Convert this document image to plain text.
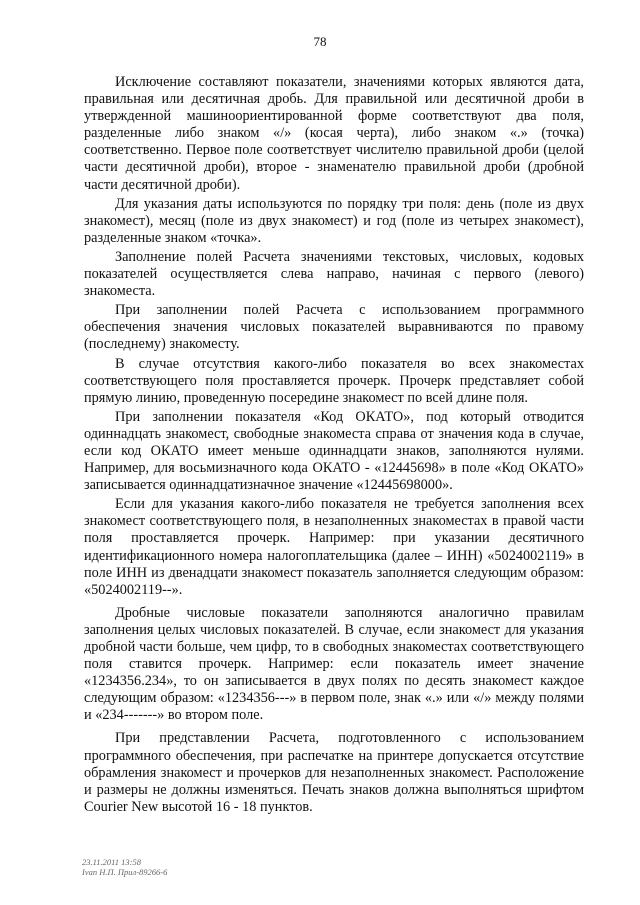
78

Исключение составляют показатели, значениями которых являются дата, правильная или десятичная дробь. Для правильной или десятичной дроби в утвержденной машиноориентированной форме соответствуют два поля, разделенные либо знаком «/» (косая черта), либо знаком «.» (точка) соответственно. Первое поле соответствует числителю правильной дроби (целой части десятичной дроби), второе - знаменателю правильной дроби (дробной части десятичной дроби).

Для указания даты используются по порядку три поля: день (поле из двух знакомест), месяц (поле из двух знакомест) и год (поле из четырех знакомест), разделенные знаком «точка».

Заполнение полей Расчета значениями текстовых, числовых, кодовых показателей осуществляется слева направо, начиная с первого (левого) знакоместа.

При заполнении полей Расчета с использованием программного обеспечения значения числовых показателей выравниваются по правому (последнему) знакоместу.

В случае отсутствия какого-либо показателя во всех знакоместах соответствующего поля проставляется прочерк. Прочерк представляет собой прямую линию, проведенную посередине знакомест по всей длине поля.

При заполнении показателя «Код ОКАТО», под который отводится одиннадцать знакомест, свободные знакоместа справа от значения кода в случае, если код ОКАТО имеет меньше одиннадцати знаков, заполняются нулями. Например, для восьмизначного кода ОКАТО - «12445698» в поле «Код ОКАТО» записывается одиннадцатизначное значение «12445698000».

Если для указания какого-либо показателя не требуется заполнения всех знакомест соответствующего поля, в незаполненных знакоместах в правой части поля проставляется прочерк. Например: при указании десятичного идентификационного номера налогоплательщика (далее – ИНН) «5024002119» в поле ИНН из двенадцати знакомест показатель заполняется следующим образом: «5024002119--».

Дробные числовые показатели заполняются аналогично правилам заполнения целых числовых показателей. В случае, если знакомест для указания дробной части больше, чем цифр, то в свободных знакоместах соответствующего поля ставится прочерк. Например: если показатель имеет значение «1234356.234», то он записывается в двух полях по десять знакомест каждое следующим образом: «1234356---» в первом поле, знак «.» или «/» между полями и «234-------» во втором поле.

При представлении Расчета, подготовленного с использованием программного обеспечения, при распечатке на принтере допускается отсутствие обрамления знакомест и прочерков для незаполненных знакомест. Расположение и размеры не должны изменяться. Печать знаков должна выполняться шрифтом Courier New высотой 16 - 18 пунктов.

23.11.2011 13:58
Ivan Н.П. Прил-89266-6
